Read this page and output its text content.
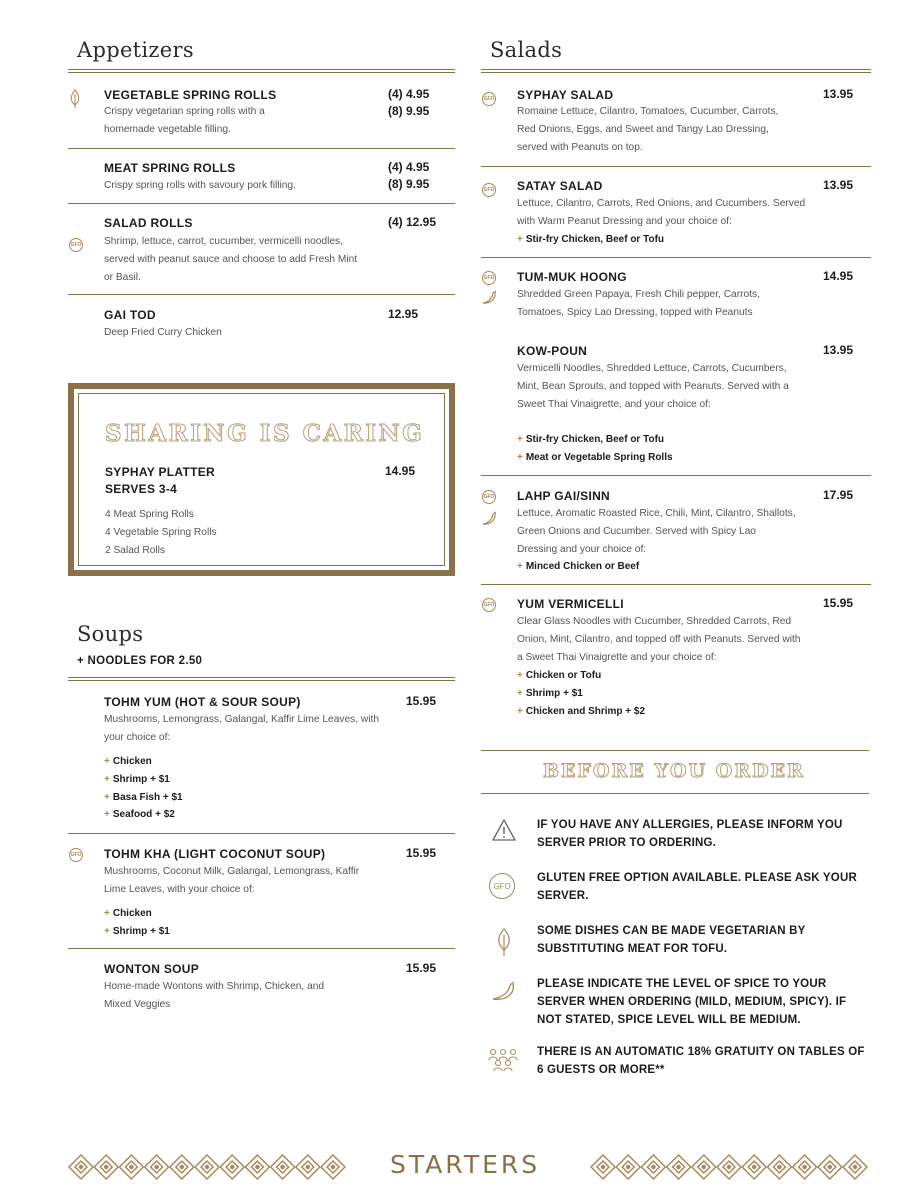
Appetizers
VEGETABLE SPRING ROLLS	(4) 4.95
(8) 9.95
Crispy vegetarian spring rolls with a homemade vegetable filling.
MEAT SPRING ROLLS	(4) 4.95
(8) 9.95
Crispy spring rolls with savoury pork filling.
GFO
SALAD ROLLS	(4) 12.95
Shrimp, lettuce, carrot, cucumber, vermicelli noodles, served with peanut sauce and choose to add Fresh Mint or Basil.
GAI TOD	12.95
Deep Fried Curry Chicken
Soups
+ NOODLES FOR 2.50
TOHM YUM (HOT & SOUR SOUP)	15.95
Mushrooms, Lemongrass, Galangal, Kaffir Lime Leaves, with your choice of:
+ Chicken
+ Shrimp + $1
+ Basa Fish + $1
+ Seafood + $2
GFO TOHM KHA (LIGHT COCONUT SOUP)	15.95
Mushrooms, Coconut Milk, Galangal, Lemongrass, Kaffir Lime Leaves, with your choice of:
+ Chicken
+ Shrimp + $1
WONTON SOUP	15.95
Home-made Wontons with Shrimp, Chicken, and Mixed Veggies
SHARING IS CARING
SYPHAY PLATTER
SERVES 3-4
14.95
4 Meat Spring Rolls
4 Vegetable Spring Rolls
2 Salad Rolls
Salads
GFO SYPHAY SALAD	13.95
Romaine Lettuce, Cilantro, Tomatoes, Cucumber, Carrots, Red Onions, Eggs, and Sweet and Tangy Lao Dressing, served with Peanuts on top.
GFO SATAY SALAD	13.95
Lettuce, Cilantro, Carrots, Red Onions, and Cucumbers. Served with Warm Peanut Dressing and your choice of:
+ Stir-fry Chicken, Beef or Tofu
GFO TUM-MUK HOONG	14.95
Shredded Green Papaya, Fresh Chili pepper, Carrots, Tomatoes, Spicy Lao Dressing, topped with Peanuts
KOW-POUN	13.95
Vermicelli Noodles, Shredded Lettuce, Carrots, Cucumbers, Mint, Bean Sprouts, and topped with Peanuts. Served with a Sweet Thai Vinaigrette, and your choice of:
+ Stir-fry Chicken, Beef or Tofu
+ Meat or Vegetable Spring Rolls
GFO LAHP GAI/SINN	17.95
Lettuce, Aromatic Roasted Rice, Chili, Mint, Cilantro, Shallots, Green Onions and Cucumber. Served with Spicy Lao Dressing and your choice of:
+ Minced Chicken or Beef
GFO YUM VERMICELLI	15.95
Clear Glass Noodles with Cucumber, Shredded Carrots, Red Onion, Mint, Cilantro, and topped off with Peanuts. Served with a Sweet Thai Vinaigrette and your choice of:
+ Chicken or Tofu
+ Shrimp + $1
+ Chicken and Shrimp + $2
BEFORE YOU ORDER
IF YOU HAVE ANY ALLERGIES, PLEASE INFORM YOU SERVER PRIOR TO ORDERING.
GFO
GLUTEN FREE OPTION AVAILABLE. PLEASE ASK YOUR SERVER.
SOME DISHES CAN BE MADE VEGETARIAN BY SUBSTITUTING MEAT FOR TOFU.
PLEASE INDICATE THE LEVEL OF SPICE TO YOUR SERVER WHEN ORDERING (MILD, MEDIUM, SPICY). IF NOT STATED, SPICE LEVEL WILL BE MEDIUM.
THERE IS AN AUTOMATIC 18% GRATUITY ON TABLES OF 6 GUESTS OR MORE**
STARTERS
